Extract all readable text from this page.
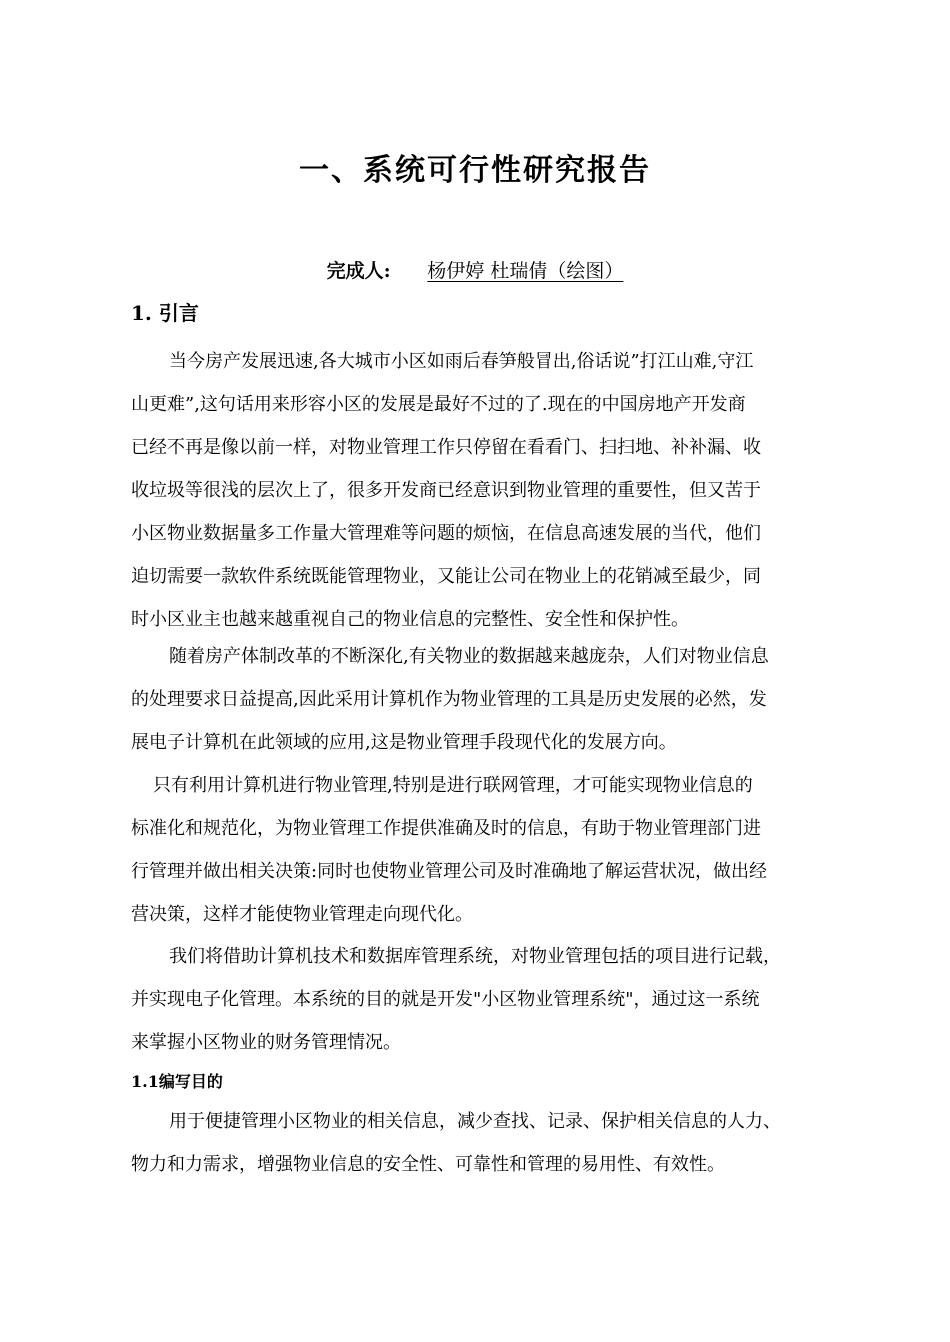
一、系统可行性研究报告
完成人: 杨伊婷 杜瑞倩（绘图）
1. 引言
当今房产发展迅速,各大城市小区如雨后春笋般冒出,俗话说”打江山难,守江
山更难”,这句话用来形容小区的发展是最好不过的了.现在的中国房地产开发商
已经不再是像以前一样，对物业管理工作只停留在看看门、扫扫地、补补漏、收
收垃圾等很浅的层次上了，很多开发商已经意识到物业管理的重要性，但又苦于
小区物业数据量多工作量大管理难等问题的烦恼，在信息高速发展的当代，他们
迫切需要一款软件系统既能管理物业，又能让公司在物业上的花销减至最少，同
时小区业主也越来越重视自己的物业信息的完整性、安全性和保护性。
随着房产体制改革的不断深化,有关物业的数据越来越庞杂，人们对物业信息
的处理要求日益提高,因此采用计算机作为物业管理的工具是历史发展的必然，发
展电子计算机在此领域的应用,这是物业管理手段现代化的发展方向。
只有利用计算机进行物业管理,特别是进行联网管理，才可能实现物业信息的
标准化和规范化，为物业管理工作提供准确及时的信息，有助于物业管理部门进
行管理并做出相关决策:同时也使物业管理公司及时准确地了解运营状况，做出经
营决策，这样才能使物业管理走向现代化。
我们将借助计算机技术和数据库管理系统，对物业管理包括的项目进行记载，
并实现电子化管理。本系统的目的就是开发"小区物业管理系统"，通过这一系统
来掌握小区物业的财务管理情况。
1.1编写目的
用于便捷管理小区物业的相关信息，减少查找、记录、保护相关信息的人力、
物力和力需求，增强物业信息的安全性、可靠性和管理的易用性、有效性。
